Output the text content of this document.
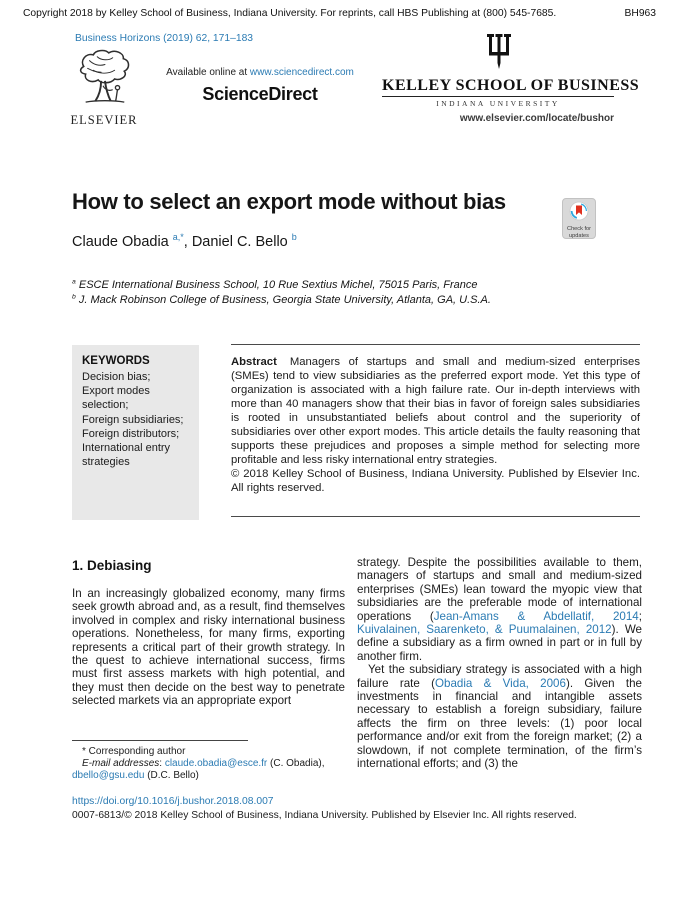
Copyright 2018 by Kelley School of Business, Indiana University. For reprints, call HBS Publishing at (800) 545-7685.	BH963
Business Horizons (2019) 62, 171–183
ELSEVIER
Available online at www.sciencedirect.com
ScienceDirect	KELLEY SCHOOL OF BUSINESS
INDIANA UNIVERSITY
www.elsevier.com/locate/bushor
How to select an export mode without bias
Check for
updates
Claude Obadia $^{a,*}$, Daniel C. Bello $^b$
$^a$ ESCE International Business School, 10 Rue Sextius Michel, 75015 Paris, France
$^b$ J. Mack Robinson College of Business, Georgia State University, Atlanta, GA, U.S.A.
KEYWORDS
Decision bias;
Export modes selection;
Foreign subsidiaries;
Foreign distributors;
International entry strategies

Abstract Managers of startups and small and medium-sized enterprises (SMEs) tend to view subsidiaries as the preferred export mode. Yet this type of organization is associated with a high failure rate. Our in-depth interviews with more than 40 managers show that their bias in favor of foreign sales subsidiaries is rooted in unsubstantiated beliefs about control and the superiority of subsidiaries over other export modes. This article details the faulty reasoning that supports these prejudices and proposes a simple method for selecting more profitable and less risky international entry strategies.

© 2018 Kelley School of Business, Indiana University. Published by Elsevier Inc. All rights reserved.

1. Debiasing

In an increasingly globalized economy, many firms seek growth abroad and, as a result, find themselves involved in complex and risky international business operations. Nonetheless, for many firms, exporting represents a critical part of their growth strategy. In the quest to achieve international success, firms must first assess markets with high potential, and they must then decide on the best way to penetrate selected markets via an appropriate export

strategy. Despite the possibilities available to them, managers of startups and small and medium-sized enterprises (SMEs) lean toward the myopic view that subsidiaries are the preferable mode of international operations (Jean-Amans & Abdellatif, 2014; Kuivalainen, Saarenketo, & Puumalainen, 2012). We define a subsidiary as a firm owned in part or in full by another firm.

Yet the subsidiary strategy is associated with a high failure rate (Obadia & Vida, 2006). Given the investments in financial and intangible assets necessary to establish a foreign subsidiary, failure affects the firm on three levels: (1) poor local performance and/or exit from the foreign market; (2) a slowdown, if not complete termination, of the firm’s international efforts; and (3) the

* Corresponding author

E-mail addresses: claude.obadia@esce.fr (C. Obadia), dbello@gsu.edu (D.C. Bello)

https://doi.org/10.1016/j.bushor.2018.08.007
0007-6813/© 2018 Kelley School of Business, Indiana University. Published by Elsevier Inc. All rights reserved.
